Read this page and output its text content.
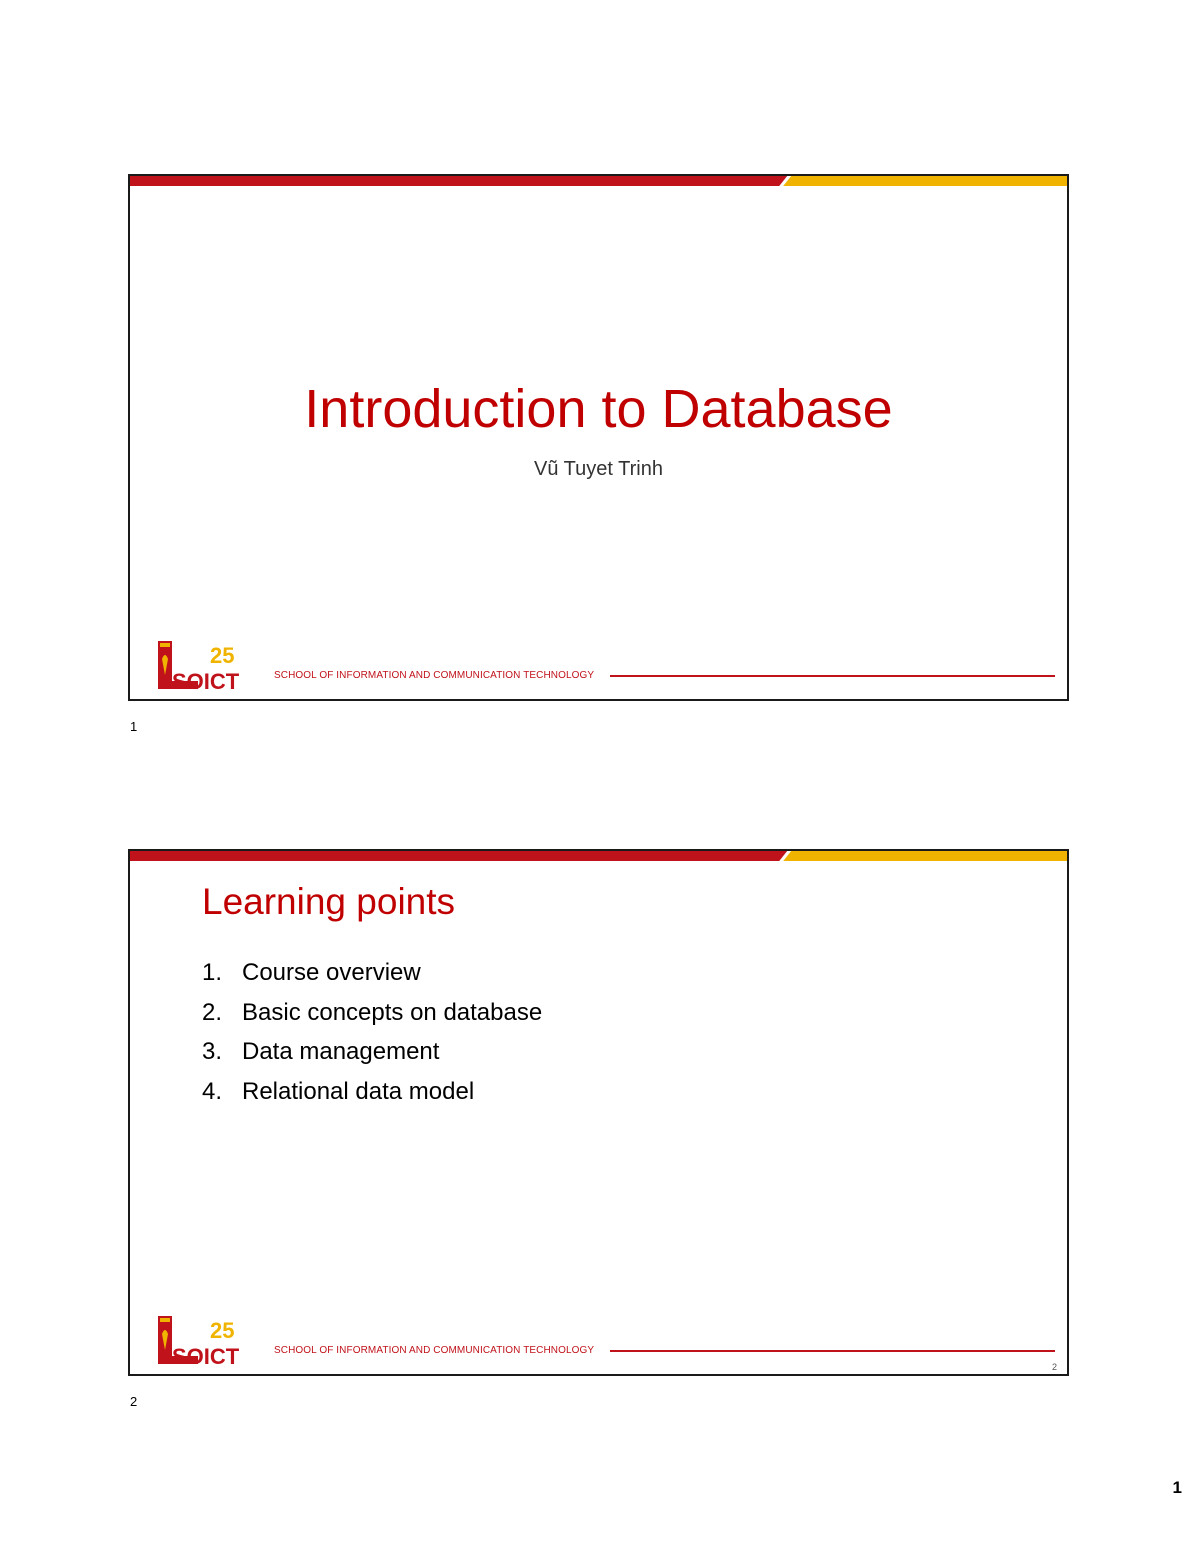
Introduction to Database
Vũ Tuyet Trinh
25
SOICT	SCHOOL OF INFORMATION AND COMMUNICATION TECHNOLOGY
1
Learning points
1. Course overview
2. Basic concepts on database
3. Data management
4. Relational data model
25
SOICT	SCHOOL OF INFORMATION AND COMMUNICATION TECHNOLOGY
2
2
1
